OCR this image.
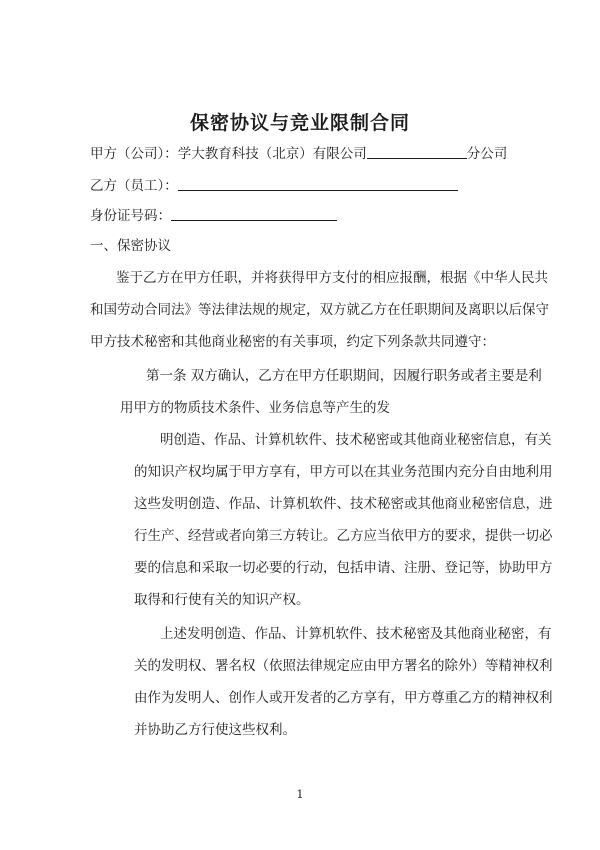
保密协议与竞业限制合同
甲方（公司）：学大教育科技（北京）有限公司	分公司
乙方（员工）：
身份证号码：
一、保密协议
鉴于乙方在甲方任职，并将获得甲方支付的相应报酬，根据《中华人民共
和国劳动合同法》等法律法规的规定，双方就乙方在任职期间及离职以后保守
甲方技术秘密和其他商业秘密的有关事项，约定下列条款共同遵守：
第一条 双方确认，乙方在甲方任职期间，因履行职务或者主要是利
用甲方的物质技术条件、业务信息等产生的发
明创造、作品、计算机软件、技术秘密或其他商业秘密信息，有关
的知识产权均属于甲方享有，甲方可以在其业务范围内充分自由地利用
这些发明创造、作品、计算机软件、技术秘密或其他商业秘密信息，进
行生产、经营或者向第三方转让。乙方应当依甲方的要求，提供一切必
要的信息和采取一切必要的行动，包括申请、注册、登记等，协助甲方
取得和行使有关的知识产权。
上述发明创造、作品、计算机软件、技术秘密及其他商业秘密，有
关的发明权、署名权（依照法律规定应由甲方署名的除外）等精神权利
由作为发明人、创作人或开发者的乙方享有，甲方尊重乙方的精神权利
并协助乙方行使这些权利。
1
